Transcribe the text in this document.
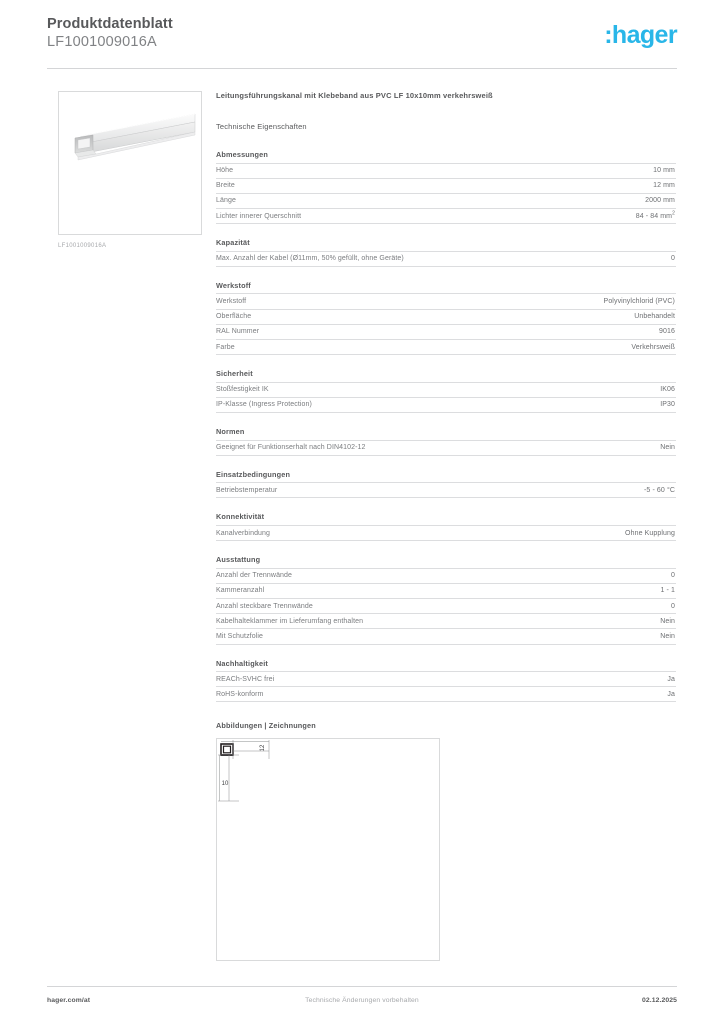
Produktdatenblatt
LF1001009016A	:hager
LF1001009016A
Leitungsführungskanal mit Klebeband aus PVC LF 10x10mm verkehrsweiß
Technische Eigenschaften
Abmessungen
Höhe	10 mm
Breite	12 mm
Länge	2000 mm
Lichter innerer Querschnitt	84 - 84 $mm^2$
Kapazität
Max. Anzahl der Kabel (Ø11mm, 50% gefüllt, ohne Geräte)	0
Werkstoff
Werkstoff	Polyvinylchlorid (PVC)
Oberfläche	Unbehandelt
RAL Nummer	9016
Farbe	Verkehrsweiß
Sicherheit
Stoßfestigkeit IK	IK06
IP-Klasse (Ingress Protection)	IP30
Normen
Geeignet für Funktionserhalt nach DIN4102-12	Nein
Einsatzbedingungen
Betriebstemperatur	-5 - 60 °C
Konnektivität
Kanalverbindung	Ohne Kupplung
Ausstattung
Anzahl der Trennwände	0
Kammeranzahl	1 - 1
Anzahl steckbare Trennwände	0
Kabelhalteklammer im Lieferumfang enthalten	Nein
Mit Schutzfolie	Nein
Nachhaltigkeit
REACh-SVHC frei	Ja
RoHS-konform	Ja
Abbildungen | Zeichnungen
12
10
hager.com/at	Technische Änderungen vorbehalten	02.12.2025
